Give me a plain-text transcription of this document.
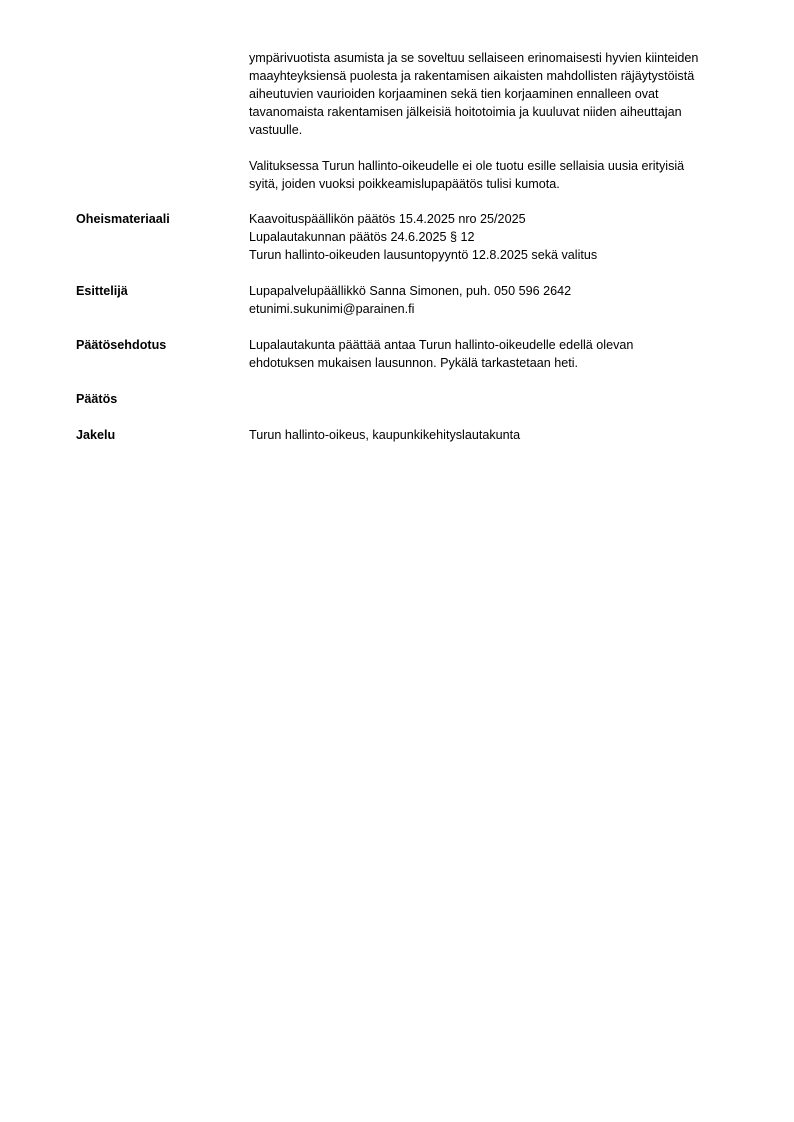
ympärivuotista asumista ja se soveltuu sellaiseen erinomaisesti hyvien kiinteiden
maayhteyksiensä puolesta ja rakentamisen aikaisten mahdollisten räjäytystöistä
aiheutuvien vaurioiden korjaaminen sekä tien korjaaminen ennalleen ovat
tavanomaista rakentamisen jälkeisiä hoitotoimia ja kuuluvat niiden aiheuttajan
vastuulle.
Valituksessa Turun hallinto-oikeudelle ei ole tuotu esille sellaisia uusia erityisiä
syitä, joiden vuoksi poikkeamislupapäätös tulisi kumota.
Oheismateriaali	Kaavoituspäällikön päätös 15.4.2025 nro 25/2025
Lupalautakunnan päätös 24.6.2025 § 12
Turun hallinto-oikeuden lausuntopyyntö 12.8.2025 sekä valitus
Esittelijä	Lupapalvelupäällikkö Sanna Simonen, puh. 050 596 2642
etunimi.sukunimi@parainen.fi
Päätösehdotus	Lupalautakunta päättää antaa Turun hallinto-oikeudelle edellä olevan
ehdotuksen mukaisen lausunnon. Pykälä tarkastetaan heti.
Päätös
Jakelu	Turun hallinto-oikeus, kaupunkikehityslautakunta
